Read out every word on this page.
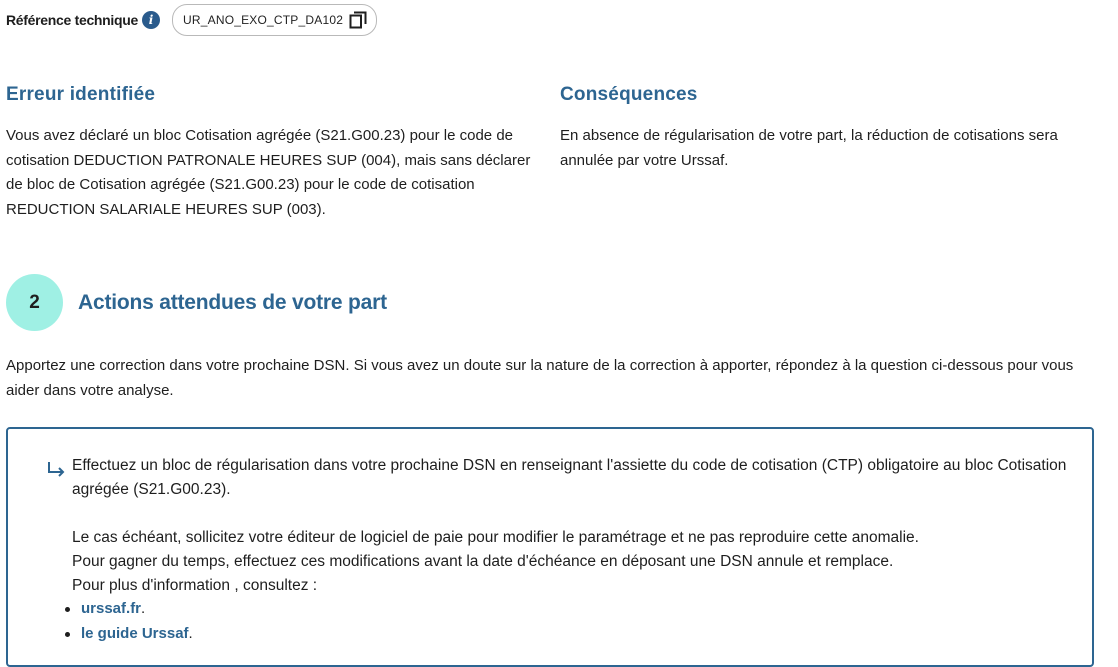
Référence technique i	UR_ANO_EXO_CTP_DA102
Erreur identifiée

Vous avez déclaré un bloc Cotisation agrégée (S21.G00.23) pour le code de cotisation DEDUCTION PATRONALE HEURES SUP (004), mais sans déclarer de bloc de Cotisation agrégée (S21.G00.23) pour le code de cotisation REDUCTION SALARIALE HEURES SUP (003).

Conséquences

En absence de régularisation de votre part, la réduction de cotisations sera annulée par votre Urssaf.

2	Actions attendues de votre part

Apportez une correction dans votre prochaine DSN. Si vous avez un doute sur la nature de la correction à apporter, répondez à la question ci-dessous pour vous aider dans votre analyse.

Effectuez un bloc de régularisation dans votre prochaine DSN en renseignant l'assiette du code de cotisation (CTP) obligatoire au bloc Cotisation agrégée (S21.G00.23).

Le cas échéant, sollicitez votre éditeur de logiciel de paie pour modifier le paramétrage et ne pas reproduire cette anomalie.

Pour gagner du temps, effectuez ces modifications avant la date d'échéance en déposant une DSN annule et remplace.

Pour plus d'information , consultez :

urssaf.fr.
le guide Urssaf.
